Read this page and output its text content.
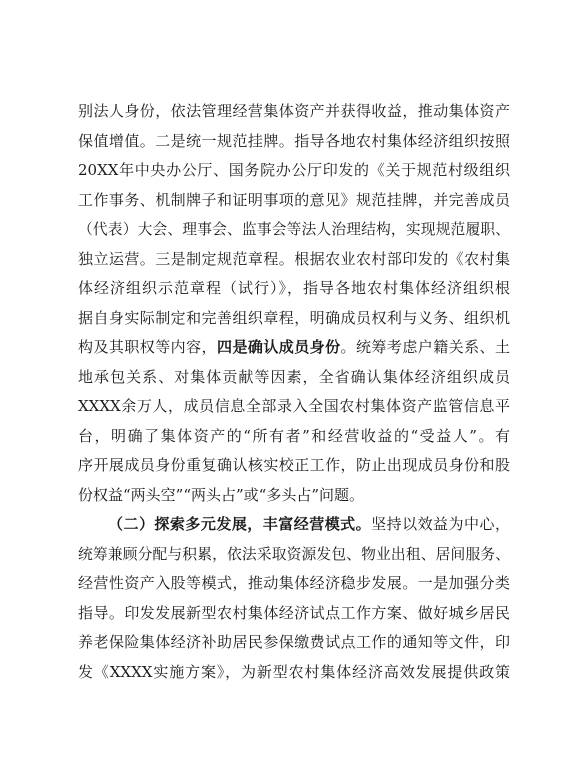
别法人身份，依法管理经营集体资产并获得收益，推动集体资产
保值增值。二是统一规范挂牌。指导各地农村集体经济组织按照
20XX年中央办公厅、国务院办公厅印发的《关于规范村级组织
工作事务、机制牌子和证明事项的意见》规范挂牌，并完善成员
（代表）大会、理事会、监事会等法人治理结构，实现规范履职、
独立运营。三是制定规范章程。根据农业农村部印发的《农村集
体经济组织示范章程（试行）》，指导各地农村集体经济组织根
据自身实际制定和完善组织章程，明确成员权利与义务、组织机
构及其职权等内容，四是确认成员身份。统筹考虑户籍关系、土
地承包关系、对集体贡献等因素，全省确认集体经济组织成员
XXXX余万人，成员信息全部录入全国农村集体资产监管信息平
台，明确了集体资产的“所有者”和经营收益的“受益人”。有
序开展成员身份重复确认核实校正工作，防止出现成员身份和股
份权益“两头空”“两头占”或“多头占”问题。
（二）探索多元发展，丰富经营模式。坚持以效益为中心，
统筹兼顾分配与积累，依法采取资源发包、物业出租、居间服务、
经营性资产入股等模式，推动集体经济稳步发展。一是加强分类
指导。印发发展新型农村集体经济试点工作方案、做好城乡居民
养老保险集体经济补助居民参保缴费试点工作的通知等文件，印
发《XXXX实施方案》，为新型农村集体经济高效发展提供政策
